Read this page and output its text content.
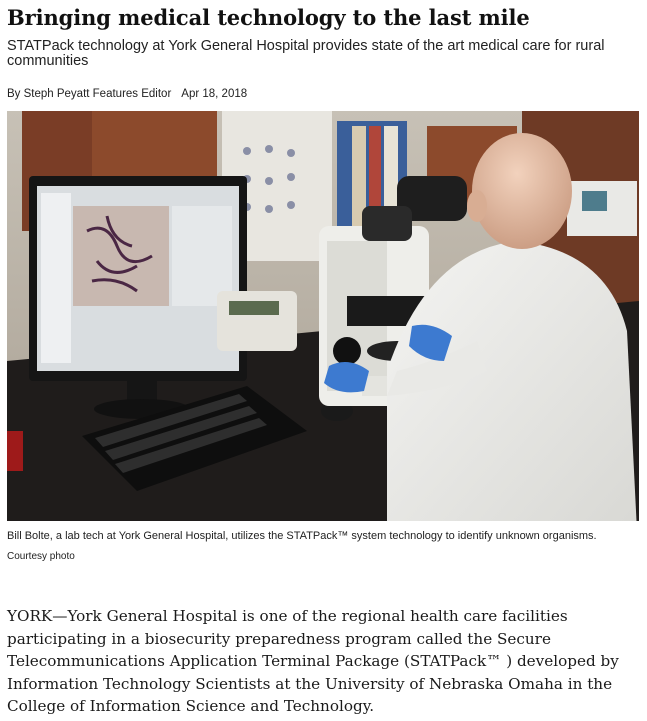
Bringing medical technology to the last mile

STATPack technology at York General Hospital provides state of the art medical care for rural communities

By Steph Peyatt Features Editor Apr 18, 2018
Bill Bolte, a lab tech at York General Hospital, utilizes the STATPack™ system technology to identify unknown organisms.
Courtesy photo

YORK—York General Hospital is one of the regional health care facilities participating in a biosecurity preparedness program called the Secure Telecommunications Application Terminal Package (STATPack™ ) developed by Information Technology Scientists at the University of Nebraska Omaha in the College of Information Science and Technology.
